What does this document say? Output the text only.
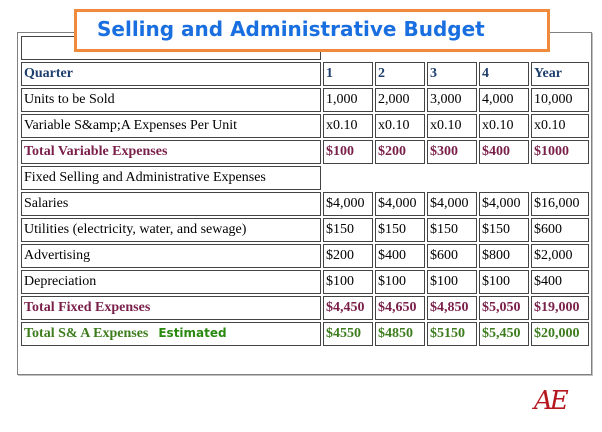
Selling and Administrative Budget

Quarter	1	2	3	4	Year
Units to be Sold	1,000	2,000	3,000	4,000	10,000
Variable S&amp;A Expenses Per Unit	x0.10	x0.10	x0.10	x0.10	x0.10
Total Variable Expenses	$100	$200	$300	$400	$1000
Fixed Selling and Administrative Expenses					
Salaries	$4,000	$4,000	$4,000	$4,000	$16,000
Utilities (electricity, water, and sewage)	$150	$150	$150	$150	$600
Advertising	$200	$400	$600	$800	$2,000
Depreciation	$100	$100	$100	$100	$400
Total Fixed Expenses	$4,450	$4,650	$4,850	$5,050	$19,000
Total S& A Expenses Estimated	$4550	$4850	$5150	$5,450	$20,000
AE
